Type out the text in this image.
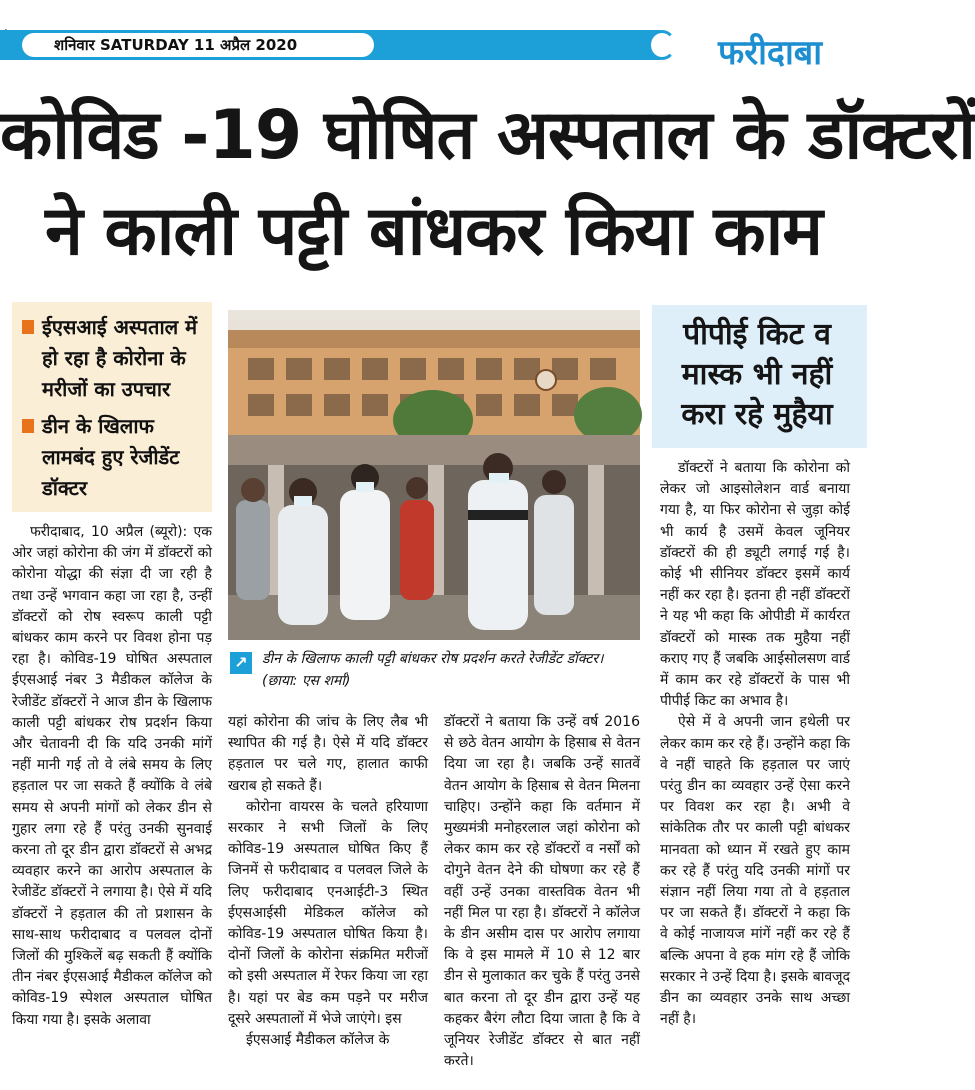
शनिवार SATURDAY 11 अप्रैल 2020	फरीदाबा
कोविड -19 घोषित अस्पताल के डॉक्टरों
ने काली पट्टी बांधकर किया काम
ईएसआई अस्पताल में हो रहा है कोरोना के मरीजों का उपचार
डीन के खिलाफ लामबंद हुए रेजीडेंट डॉक्टर

फरीदाबाद, 10 अप्रैल (ब्यूरो): एक ओर जहां कोरोना की जंग में डॉक्टरों को कोरोना योद्धा की संज्ञा दी जा रही है तथा उन्हें भगवान कहा जा रहा है, उन्हीं डॉक्टरों को रोष स्वरूप काली पट्टी बांधकर काम करने पर विवश होना पड़ रहा है। कोविड-19 घोषित अस्पताल ईएसआई नंबर 3 मैडीकल कॉलेज के रेजीडेंट डॉक्टरों ने आज डीन के खिलाफ काली पट्टी बांधकर रोष प्रदर्शन किया और चेतावनी दी कि यदि उनकी मांगें नहीं मानी गई तो वे लंबे समय के लिए हड़ताल पर जा सकते हैं क्योंकि वे लंबे समय से अपनी मांगों को लेकर डीन से गुहार लगा रहे हैं परंतु उनकी सुनवाई करना तो दूर डीन द्वारा डॉक्टरों से अभद्र व्यवहार करने का आरोप अस्पताल के रेजीडेंट डॉक्टरों ने लगाया है। ऐसे में यदि डॉक्टरों ने हड़ताल की तो प्रशासन के साथ-साथ फरीदाबाद व पलवल दोनों जिलों की मुश्किलें बढ़ सकती हैं क्योंकि तीन नंबर ईएसआई मैडीकल कॉलेज को कोविड-19 स्पेशल अस्पताल घोषित किया गया है। इसके अलावा

↗	डीन के खिलाफ काली पट्टी बांधकर रोष प्रदर्शन करते रेजीडेंट डॉक्टर। (छाया: एस शर्मा)

यहां कोरोना की जांच के लिए लैब भी स्थापित की गई है। ऐसे में यदि डॉक्टर हड़ताल पर चले गए, हालात काफी खराब हो सकते हैं।

कोरोना वायरस के चलते हरियाणा सरकार ने सभी जिलों के लिए कोविड-19 अस्पताल घोषित किए हैं जिनमें से फरीदाबाद व पलवल जिले के लिए फरीदाबाद एनआईटी-3 स्थित ईएसआईसी मेडिकल कॉलेज को कोविड-19 अस्पताल घोषित किया है। दोनों जिलों के कोरोना संक्रमित मरीजों को इसी अस्पताल में रेफर किया जा रहा है। यहां पर बेड कम पड़ने पर मरीज दूसरे अस्पतालों में भेजे जाएंगे। इस

ईएसआई मैडीकल कॉलेज के

डॉक्टरों ने बताया कि उन्हें वर्ष 2016 से छठे वेतन आयोग के हिसाब से वेतन दिया जा रहा है। जबकि उन्हें सातवें वेतन आयोग के हिसाब से वेतन मिलना चाहिए। उन्होंने कहा कि वर्तमान में मुख्यमंत्री मनोहरलाल जहां कोरोना को लेकर काम कर रहे डॉक्टरों व नर्सों को दोगुने वेतन देने की घोषणा कर रहे हैं वहीं उन्हें उनका वास्तविक वेतन भी नहीं मिल पा रहा है। डॉक्टरों ने कॉलेज के डीन असीम दास पर आरोप लगाया कि वे इस मामले में 10 से 12 बार डीन से मुलाकात कर चुके हैं परंतु उनसे बात करना तो दूर डीन द्वारा उन्हें यह कहकर बैरंग लौटा दिया जाता है कि वे जूनियर रेजीडेंट डॉक्टर से बात नहीं करते।

पीपीई किट व
मास्क भी नहीं
करा रहे मुहैया

डॉक्टरों ने बताया कि कोरोना को लेकर जो आइसोलेशन वार्ड बनाया गया है, या फिर कोरोना से जुड़ा कोई भी कार्य है उसमें केवल जूनियर डॉक्टरों की ही ड्यूटी लगाई गई है। कोई भी सीनियर डॉक्टर इसमें कार्य नहीं कर रहा है। इतना ही नहीं डॉक्टरों ने यह भी कहा कि ओपीडी में कार्यरत डॉक्टरों को मास्क तक मुहैया नहीं कराए गए हैं जबकि आईसोलसण वार्ड में काम कर रहे डॉक्टरों के पास भी पीपीई किट का अभाव है।

ऐसे में वे अपनी जान हथेली पर लेकर काम कर रहे हैं। उन्होंने कहा कि वे नहीं चाहते कि हड़ताल पर जाएं परंतु डीन का व्यवहार उन्हें ऐसा करने पर विवश कर रहा है। अभी वे सांकेतिक तौर पर काली पट्टी बांधकर मानवता को ध्यान में रखते हुए काम कर रहे हैं परंतु यदि उनकी मांगों पर संज्ञान नहीं लिया गया तो वे हड़ताल पर जा सकते हैं। डॉक्टरों ने कहा कि वे कोई नाजायज मांगें नहीं कर रहे हैं बल्कि अपना वे हक मांग रहे हैं जोकि सरकार ने उन्हें दिया है। इसके बावजूद डीन का व्यवहार उनके साथ अच्छा नहीं है।
